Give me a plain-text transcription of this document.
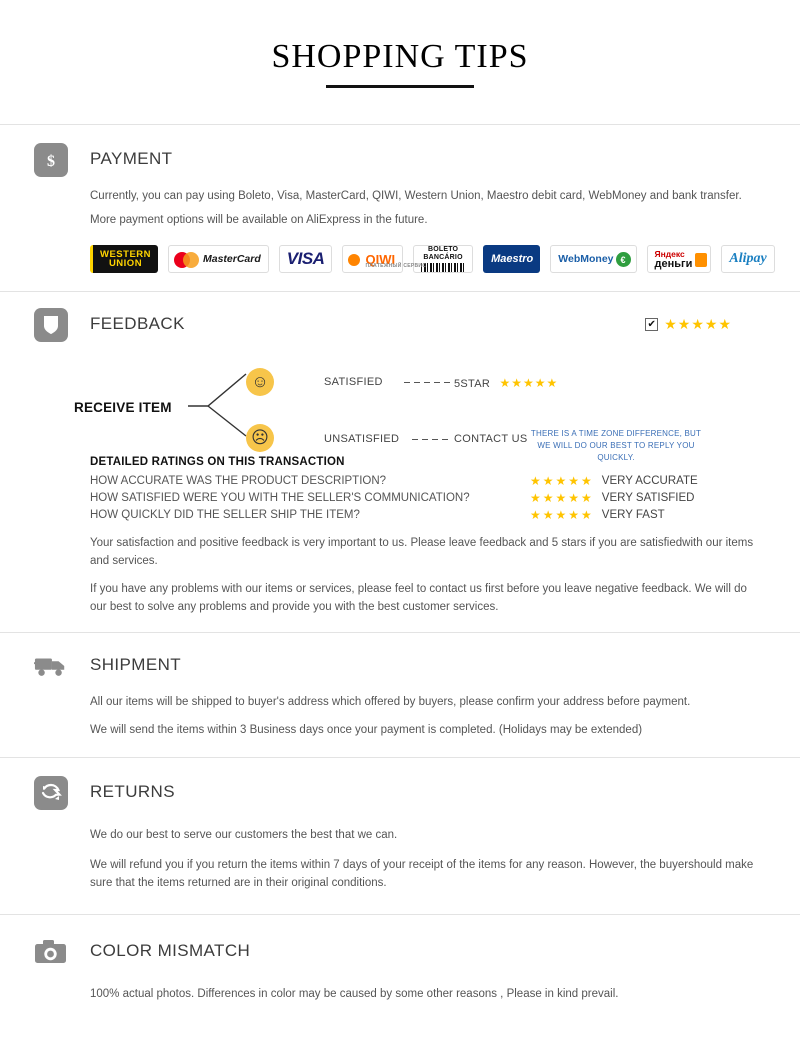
SHOPPING TIPS
$ PAYMENT
Currently, you can pay using Boleto, Visa, MasterCard, QIWI, Western Union, Maestro debit card, WebMoney and bank transfer.
More payment options will be available on AliExpress in the future.
WESTERN
UNION	MasterCard	VISA	QIWI
ПЛАТЕЖНЫЙ СЕРВИС
BOLETO
BANCÁRIO	Maestro	WebMoney €
Яндекс
деньги	Alipay
FEEDBACK	✔ ★★★★★
RECEIVE ITEM
☺
☹
SATISFIED
UNSATISFIED
5STAR ★★★★★
CONTACT US THERE IS A TIME ZONE DIFFERENCE, BUT WE WILL DO OUR BEST TO REPLY YOU QUICKLY.
DETAILED RATINGS ON THIS TRANSACTION
HOW ACCURATE WAS THE PRODUCT DESCRIPTION?	★★★★★ VERY ACCURATE
HOW SATISFIED WERE YOU WITH THE SELLER'S COMMUNICATION?	★★★★★ VERY SATISFIED
HOW QUICKLY DID THE SELLER SHIP THE ITEM?	★★★★★ VERY FAST
Your satisfaction and positive feedback is very important to us. Please leave feedback and 5 stars if you are satisfiedwith our items and services.
If you have any problems with our items or services, please feel to contact us first before you leave negative feedback. We will do our best to solve any problems and provide you with the best customer services.
SHIPMENT
All our items will be shipped to buyer's address which offered by buyers, please confirm your address before payment.
We will send the items within 3 Business days once your payment is completed. (Holidays may be extended)
RETURNS
We do our best to serve our customers the best that we can.
We will refund you if you return the items within 7 days of your receipt of the items for any reason. However, the buyershould make sure that the items returned are in their original conditions.
COLOR MISMATCH
100% actual photos. Differences in color may be caused by some other reasons , Please in kind prevail.
